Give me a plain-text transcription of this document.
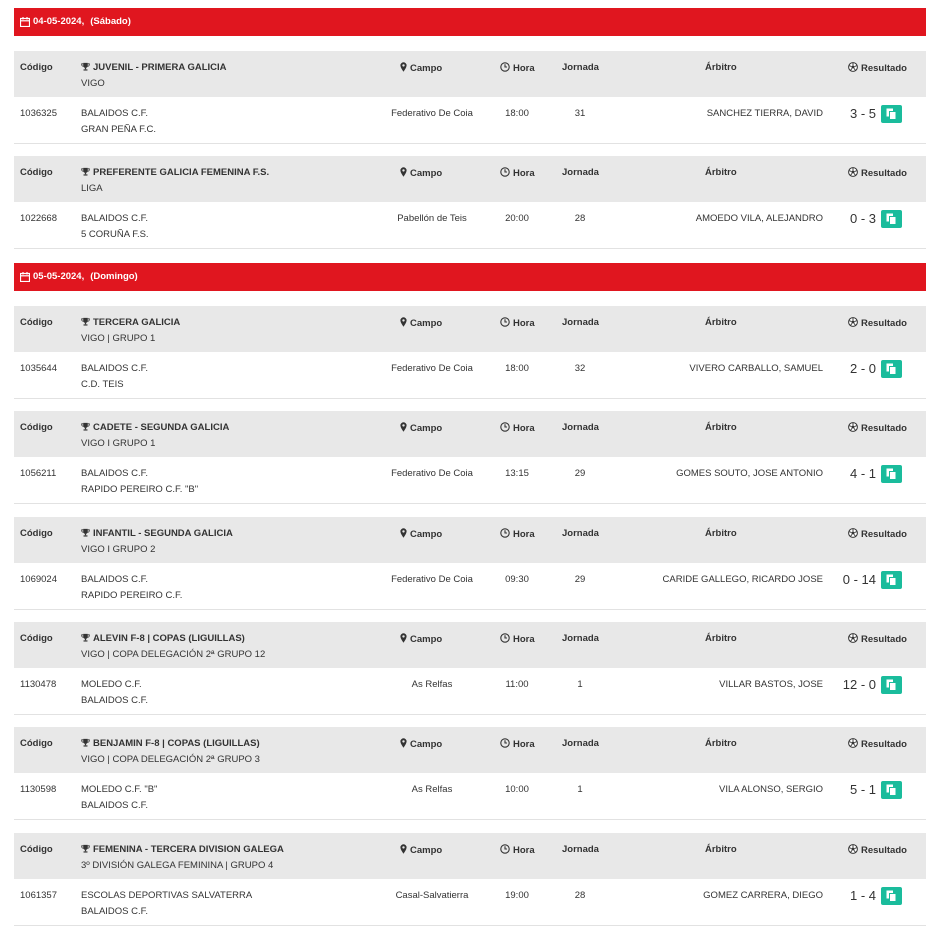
04-05-2024, (Sábado)
Código	JUVENIL - PRIMERA GALICIA
VIGO
Campo	Hora	Jornada	Árbitro	Resultado
1036325	BALAIDOS C.F.
GRAN PEÑA F.C.
Federativo De Coia	18:00	31	SANCHEZ TIERRA, DAVID 3 - 5
Código	PREFERENTE GALICIA FEMENINA F.S.
LIGA
Campo	Hora	Jornada	Árbitro	Resultado
1022668	BALAIDOS C.F.
5 CORUÑA F.S.
Pabellón de Teis	20:00	28	AMOEDO VILA, ALEJANDRO 0 - 3
05-05-2024, (Domingo)
Código	TERCERA GALICIA
VIGO | GRUPO 1
Campo	Hora	Jornada	Árbitro	Resultado
1035644	BALAIDOS C.F.
C.D. TEIS
Federativo De Coia	18:00	32	VIVERO CARBALLO, SAMUEL 2 - 0
Código	CADETE - SEGUNDA GALICIA
VIGO I GRUPO 1
Campo	Hora	Jornada	Árbitro	Resultado
1056211	BALAIDOS C.F.
RAPIDO PEREIRO C.F. "B"
Federativo De Coia	13:15	29	GOMES SOUTO, JOSE ANTONIO 4 - 1
Código	INFANTIL - SEGUNDA GALICIA
VIGO I GRUPO 2
Campo	Hora	Jornada	Árbitro	Resultado
1069024	BALAIDOS C.F.
RAPIDO PEREIRO C.F.
Federativo De Coia	09:30	29	CARIDE GALLEGO, RICARDO JOSE 0 - 14
Código	ALEVIN F-8 | COPAS (LIGUILLAS)
VIGO | COPA DELEGACIÓN 2ª GRUPO 12
Campo	Hora	Jornada	Árbitro	Resultado
1130478	MOLEDO C.F.
BALAIDOS C.F.
As Relfas	11:00	1	VILLAR BASTOS, JOSE 12 - 0
Código	BENJAMIN F-8 | COPAS (LIGUILLAS)
VIGO | COPA DELEGACIÓN 2ª GRUPO 3
Campo	Hora	Jornada	Árbitro	Resultado
1130598	MOLEDO C.F. "B"
BALAIDOS C.F.
As Relfas	10:00	1	VILA ALONSO, SERGIO 5 - 1
Código	FEMENINA - TERCERA DIVISION GALEGA
3º DIVISIÓN GALEGA FEMININA | GRUPO 4
Campo	Hora	Jornada	Árbitro	Resultado
1061357	ESCOLAS DEPORTIVAS SALVATERRA
BALAIDOS C.F.
Casal-Salvatierra	19:00	28	GOMEZ CARRERA, DIEGO 1 - 4
